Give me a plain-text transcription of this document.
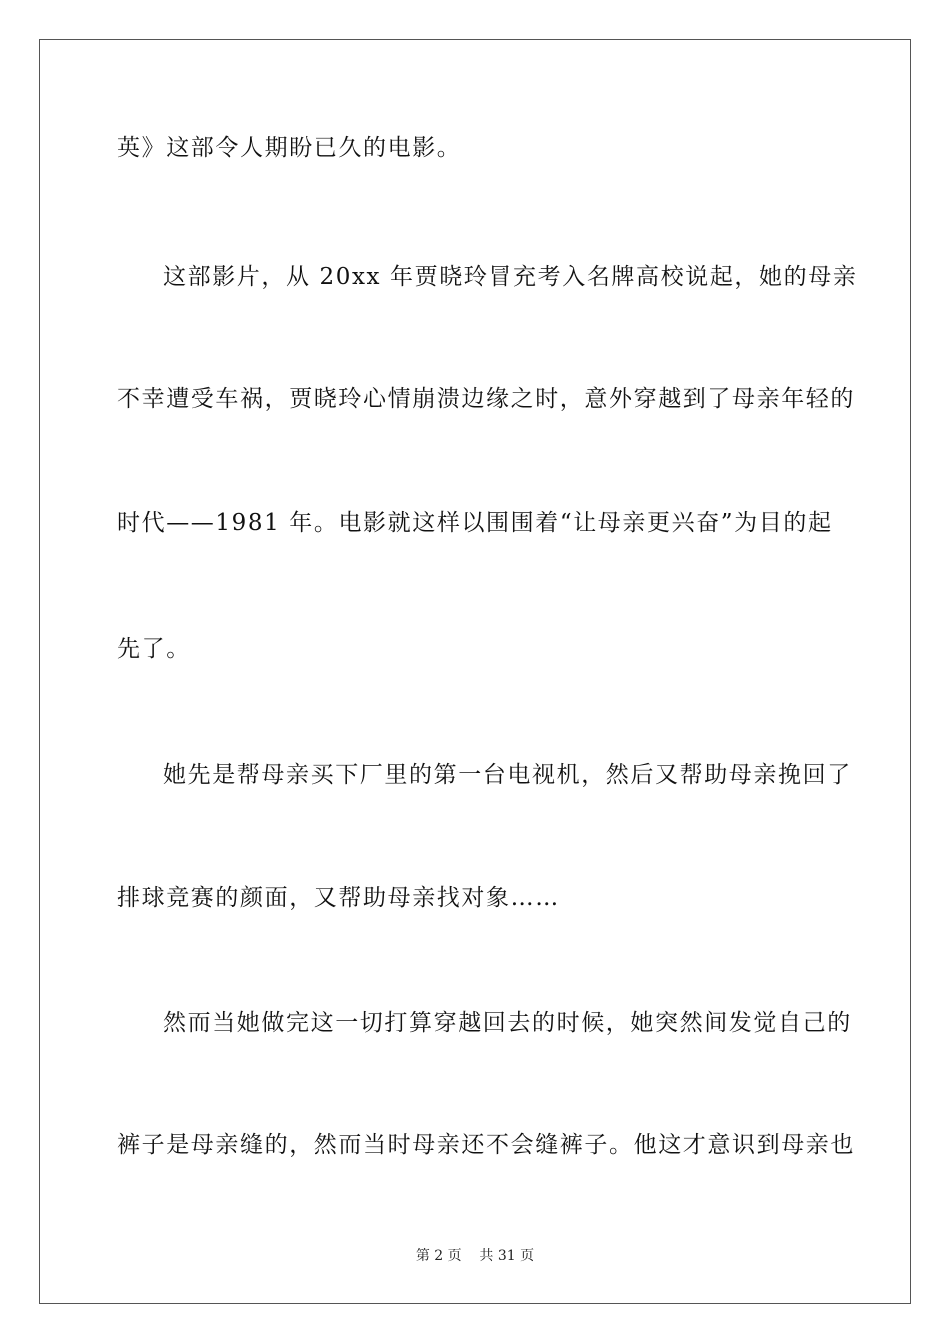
英》这部令人期盼已久的电影。
这部影片，从 20xx 年贾晓玲冒充考入名牌高校说起，她的母亲
不幸遭受车祸，贾晓玲心情崩溃边缘之时，意外穿越到了母亲年轻的
时代——1981 年。电影就这样以围围着“让母亲更兴奋”为目的起
先了。
她先是帮母亲买下厂里的第一台电视机，然后又帮助母亲挽回了
排球竞赛的颜面，又帮助母亲找对象……
然而当她做完这一切打算穿越回去的时候，她突然间发觉自己的
裤子是母亲缝的，然而当时母亲还不会缝裤子。他这才意识到母亲也
第 2 页    共 31 页
